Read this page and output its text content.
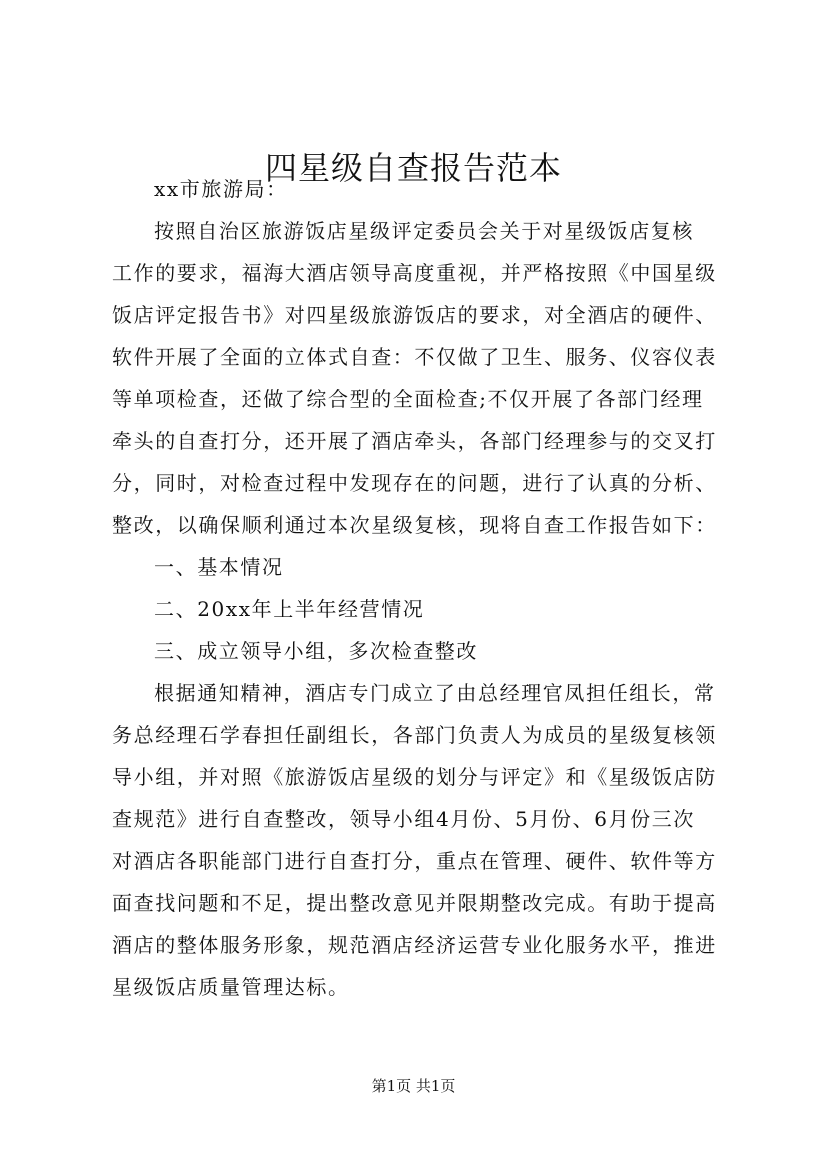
四星级自查报告范本
xx市旅游局：
按照自治区旅游饭店星级评定委员会关于对星级饭店复核
工作的要求，福海大酒店领导高度重视，并严格按照《中国星级
饭店评定报告书》对四星级旅游饭店的要求，对全酒店的硬件、
软件开展了全面的立体式自查：不仅做了卫生、服务、仪容仪表
等单项检查，还做了综合型的全面检查;不仅开展了各部门经理
牵头的自查打分，还开展了酒店牵头，各部门经理参与的交叉打
分，同时，对检查过程中发现存在的问题，进行了认真的分析、
整改，以确保顺利通过本次星级复核，现将自查工作报告如下：
一、基本情况
二、20xx年上半年经营情况
三、成立领导小组，多次检查整改
根据通知精神，酒店专门成立了由总经理官凤担任组长，常
务总经理石学春担任副组长，各部门负责人为成员的星级复核领
导小组，并对照《旅游饭店星级的划分与评定》和《星级饭店防
查规范》进行自查整改，领导小组4月份、5月份、6月份三次
对酒店各职能部门进行自查打分，重点在管理、硬件、软件等方
面查找问题和不足，提出整改意见并限期整改完成。有助于提高
酒店的整体服务形象，规范酒店经济运营专业化服务水平，推进
星级饭店质量管理达标。
第1页 共1页
